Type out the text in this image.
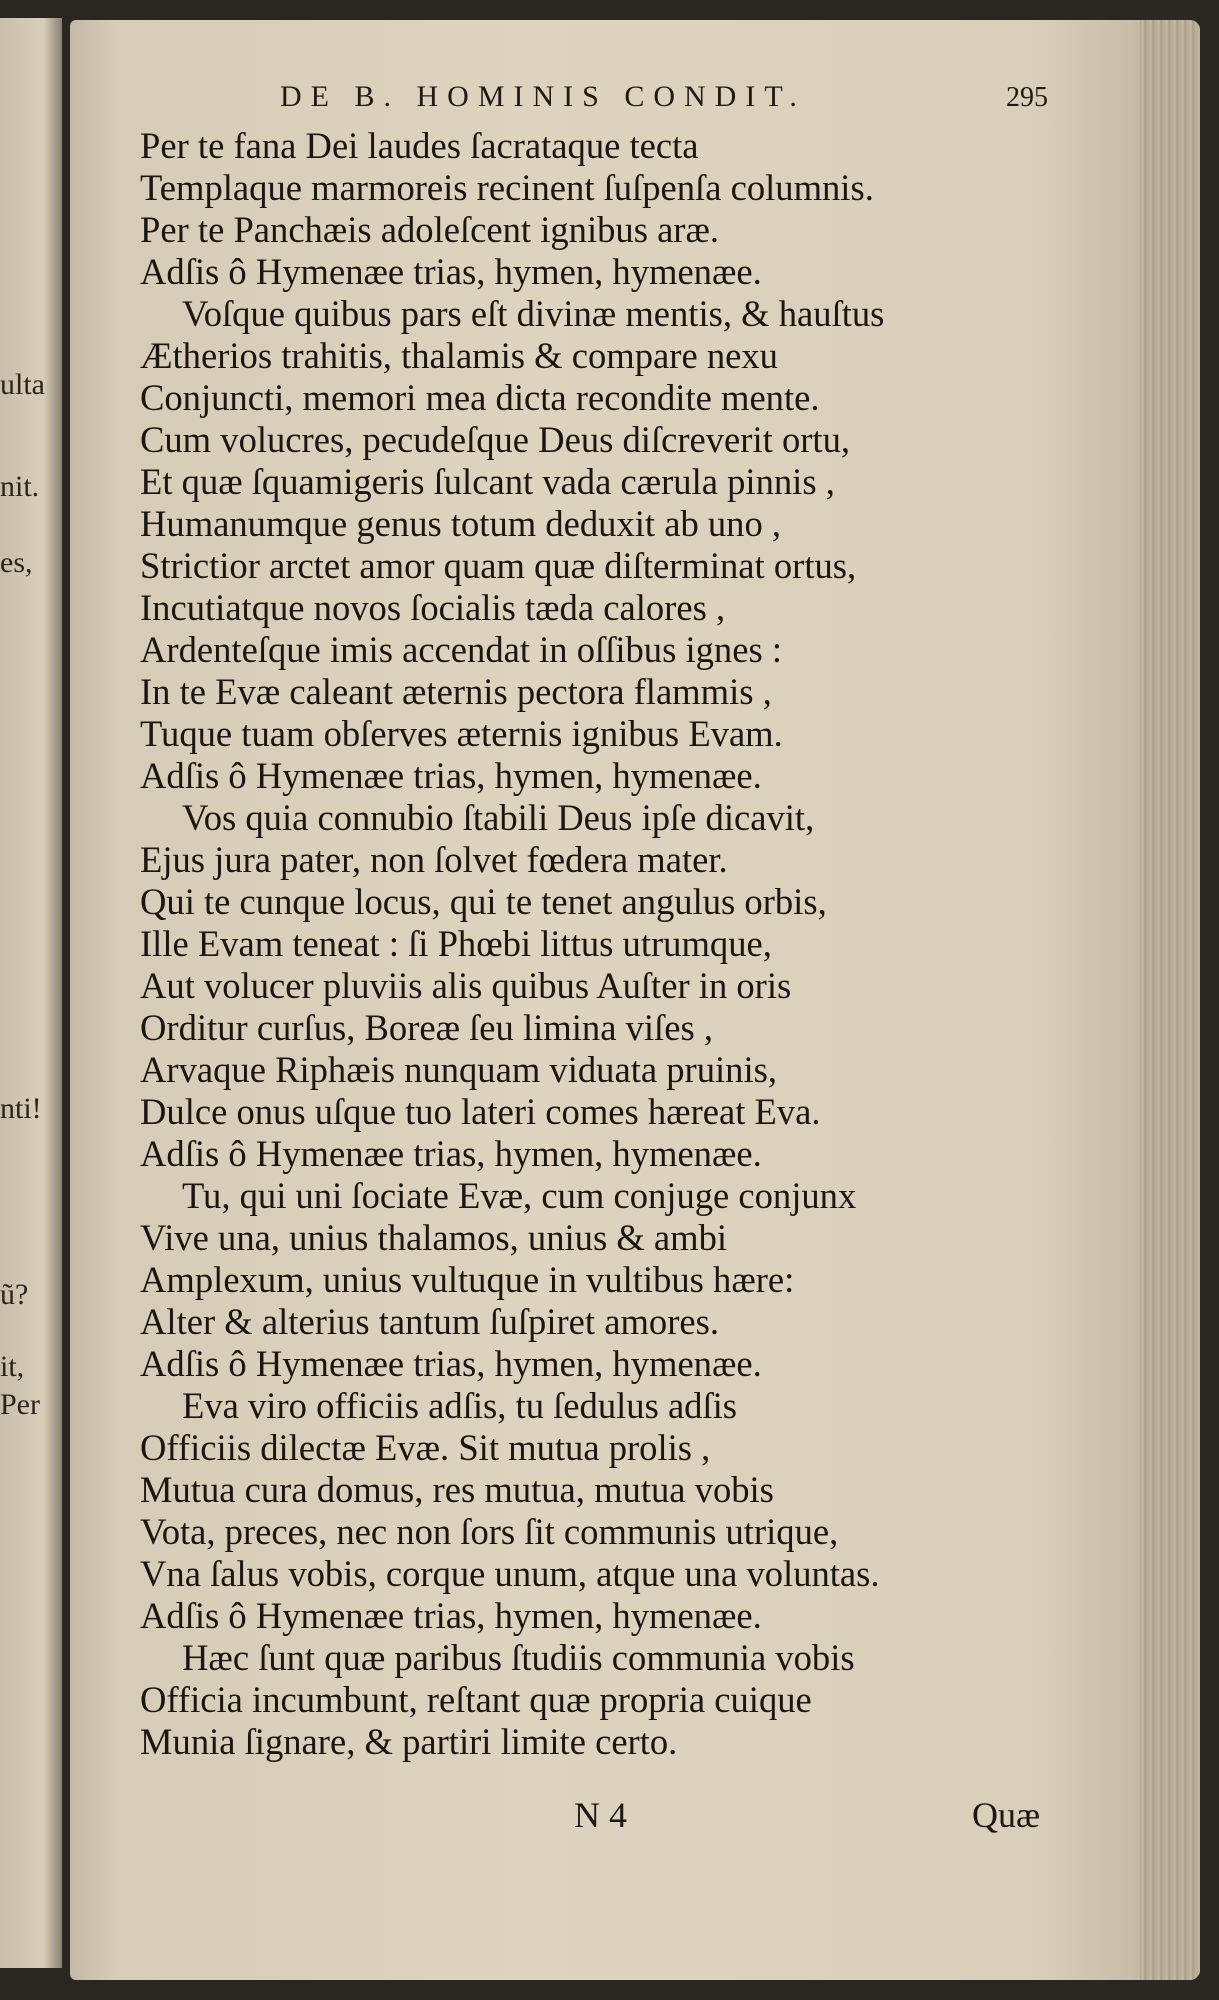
ulta
nit.
es,
nti!
ũ?
it,
Per
DE B. HOMINIS CONDIT.	295
Per te fana Dei laudes ſacrataque tecta
Templaque marmoreis recinent ſuſpenſa columnis.
Per te Panchæis adoleſcent ignibus aræ.
Adſis ô Hymenæe trias, hymen, hymenæe.
Voſque quibus pars eſt divinæ mentis, & hauſtus
Ætherios trahitis, thalamis & compare nexu
Conjuncti, memori mea dicta recondite mente.
Cum volucres, pecudeſque Deus diſcreverit ortu,
Et quæ ſquamigeris ſulcant vada cærula pinnis ,
Humanumque genus totum deduxit ab uno ,
Strictior arctet amor quam quæ diſterminat ortus,
Incutiatque novos ſocialis tæda calores ,
Ardenteſque imis accendat in oſſibus ignes :
In te Evæ caleant æternis pectora flammis ,
Tuque tuam obſerves æternis ignibus Evam.
Adſis ô Hymenæe trias, hymen, hymenæe.
Vos quia connubio ſtabili Deus ipſe dicavit,
Ejus jura pater, non ſolvet fœdera mater.
Qui te cunque locus, qui te tenet angulus orbis,
Ille Evam teneat : ſi Phœbi littus utrumque,
Aut volucer pluviis alis quibus Auſter in oris
Orditur curſus, Boreæ ſeu limina viſes ,
Arvaque Riphæis nunquam viduata pruinis,
Dulce onus uſque tuo lateri comes hæreat Eva.
Adſis ô Hymenæe trias, hymen, hymenæe.
Tu, qui uni ſociate Evæ, cum conjuge conjunx
Vive una, unius thalamos, unius & ambi
Amplexum, unius vultuque in vultibus hære:
Alter & alterius tantum ſuſpiret amores.
Adſis ô Hymenæe trias, hymen, hymenæe.
Eva viro officiis adſis, tu ſedulus adſis
Officiis dilectæ Evæ. Sit mutua prolis ,
Mutua cura domus, res mutua, mutua vobis
Vota, preces, nec non ſors ſit communis utrique,
Vna ſalus vobis, corque unum, atque una voluntas.
Adſis ô Hymenæe trias, hymen, hymenæe.
Hæc ſunt quæ paribus ſtudiis communia vobis
Officia incumbunt, reſtant quæ propria cuique
Munia ſignare, & partiri limite certo.
N 4	Quæ
